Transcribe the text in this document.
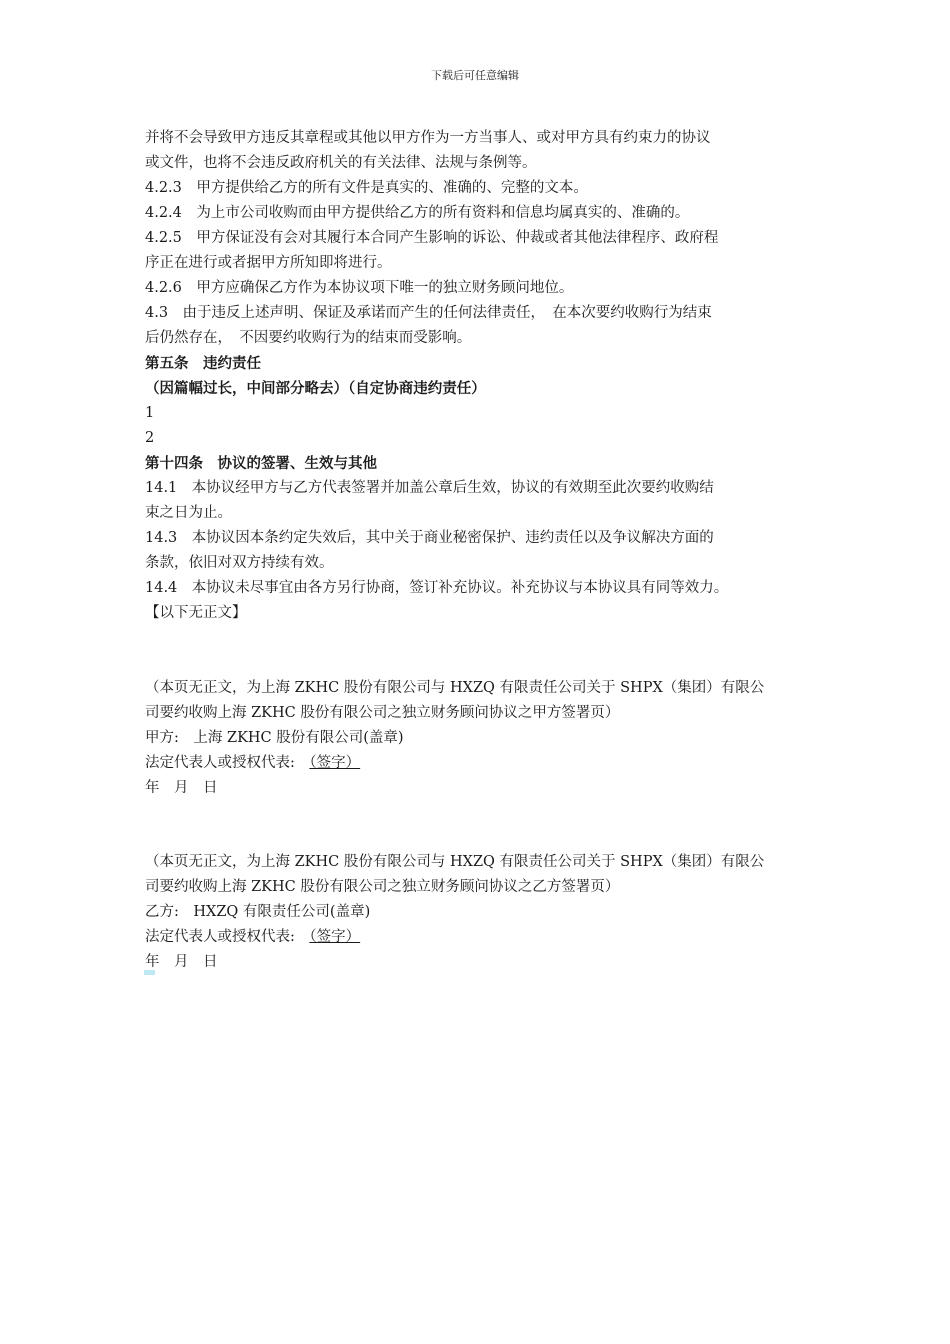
下载后可任意编辑
并将不会导致甲方违反其章程或其他以甲方作为一方当事人、或对甲方具有约束力的协议
或文件，也将不会违反政府机关的有关法律、法规与条例等。
4.2.3　甲方提供给乙方的所有文件是真实的、准确的、完整的文本。
4.2.4　为上市公司收购而由甲方提供给乙方的所有资料和信息均属真实的、准确的。
4.2.5　甲方保证没有会对其履行本合同产生影响的诉讼、仲裁或者其他法律程序、政府程
序正在进行或者据甲方所知即将进行。
4.2.6　甲方应确保乙方作为本协议项下唯一的独立财务顾问地位。
4.3　由于违反上述声明、保证及承诺而产生的任何法律责任，　在本次要约收购行为结束
后仍然存在，　不因要约收购行为的结束而受影响。
第五条　违约责任
（因篇幅过长，中间部分略去）（自定协商违约责任）
1
2
第十四条　协议的签署、生效与其他
14.1　本协议经甲方与乙方代表签署并加盖公章后生效，协议的有效期至此次要约收购结
束之日为止。
14.3　本协议因本条约定失效后，其中关于商业秘密保护、违约责任以及争议解决方面的
条款，依旧对双方持续有效。
14.4　本协议未尽事宜由各方另行协商，签订补充协议。补充协议与本协议具有同等效力。
【以下无正文】
（本页无正文，为上海 ZKHC 股份有限公司与 HXZQ 有限责任公司关于 SHPX（集团）有限公
司要约收购上海 ZKHC 股份有限公司之独立财务顾问协议之甲方签署页）
甲方:　上海 ZKHC 股份有限公司(盖章)
法定代表人或授权代表:　（签字）
年　月　日
（本页无正文，为上海 ZKHC 股份有限公司与 HXZQ 有限责任公司关于 SHPX（集团）有限公
司要约收购上海 ZKHC 股份有限公司之独立财务顾问协议之乙方签署页）
乙方:　HXZQ 有限责任公司(盖章)
法定代表人或授权代表:　（签字）
年　月　日
